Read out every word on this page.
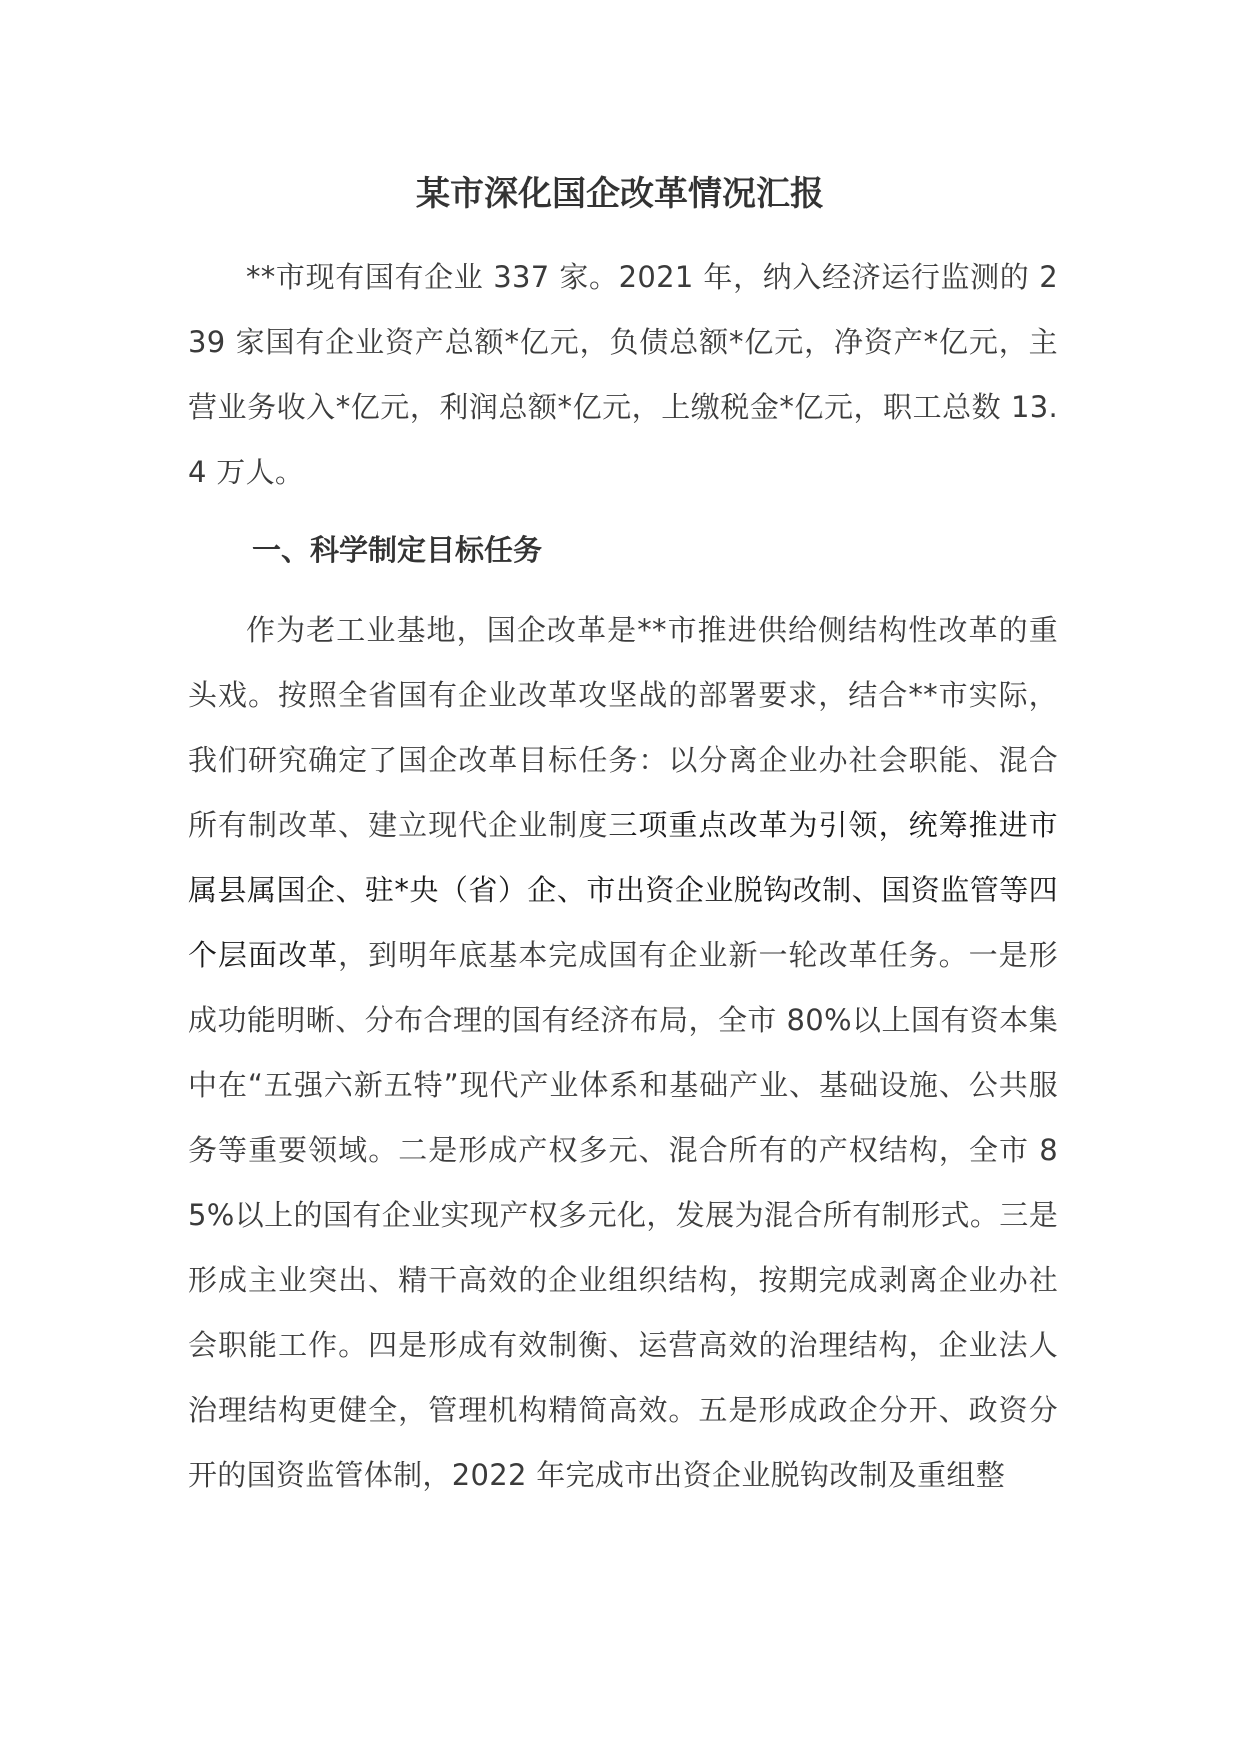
某市深化国企改革情况汇报

**市现有国有企业 337 家。2021 年，纳入经济运行监测的 239 家国有企业资产总额*亿元，负债总额*亿元，净资产*亿元，主营业务收入*亿元，利润总额*亿元，上缴税金*亿元，职工总数 13.4 万人。

一、科学制定目标任务

作为老工业基地，国企改革是**市推进供给侧结构性改革的重头戏。按照全省国有企业改革攻坚战的部署要求，结合**市实际，我们研究确定了国企改革目标任务：以分离企业办社会职能、混合所有制改革、建立现代企业制度三项重点改革为引领，统筹推进市属县属国企、驻*央（省）企、市出资企业脱钩改制、国资监管等四个层面改革，到明年底基本完成国有企业新一轮改革任务。一是形成功能明晰、分布合理的国有经济布局，全市 80%以上国有资本集中在“五强六新五特”现代产业体系和基础产业、基础设施、公共服务等重要领域。二是形成产权多元、混合所有的产权结构，全市 85%以上的国有企业实现产权多元化，发展为混合所有制形式。三是形成主业突出、精干高效的企业组织结构，按期完成剥离企业办社会职能工作。四是形成有效制衡、运营高效的治理结构，企业法人治理结构更健全，管理机构精简高效。五是形成政企分开、政资分开的国资监管体制，2022 年完成市出资企业脱钩改制及重组整
